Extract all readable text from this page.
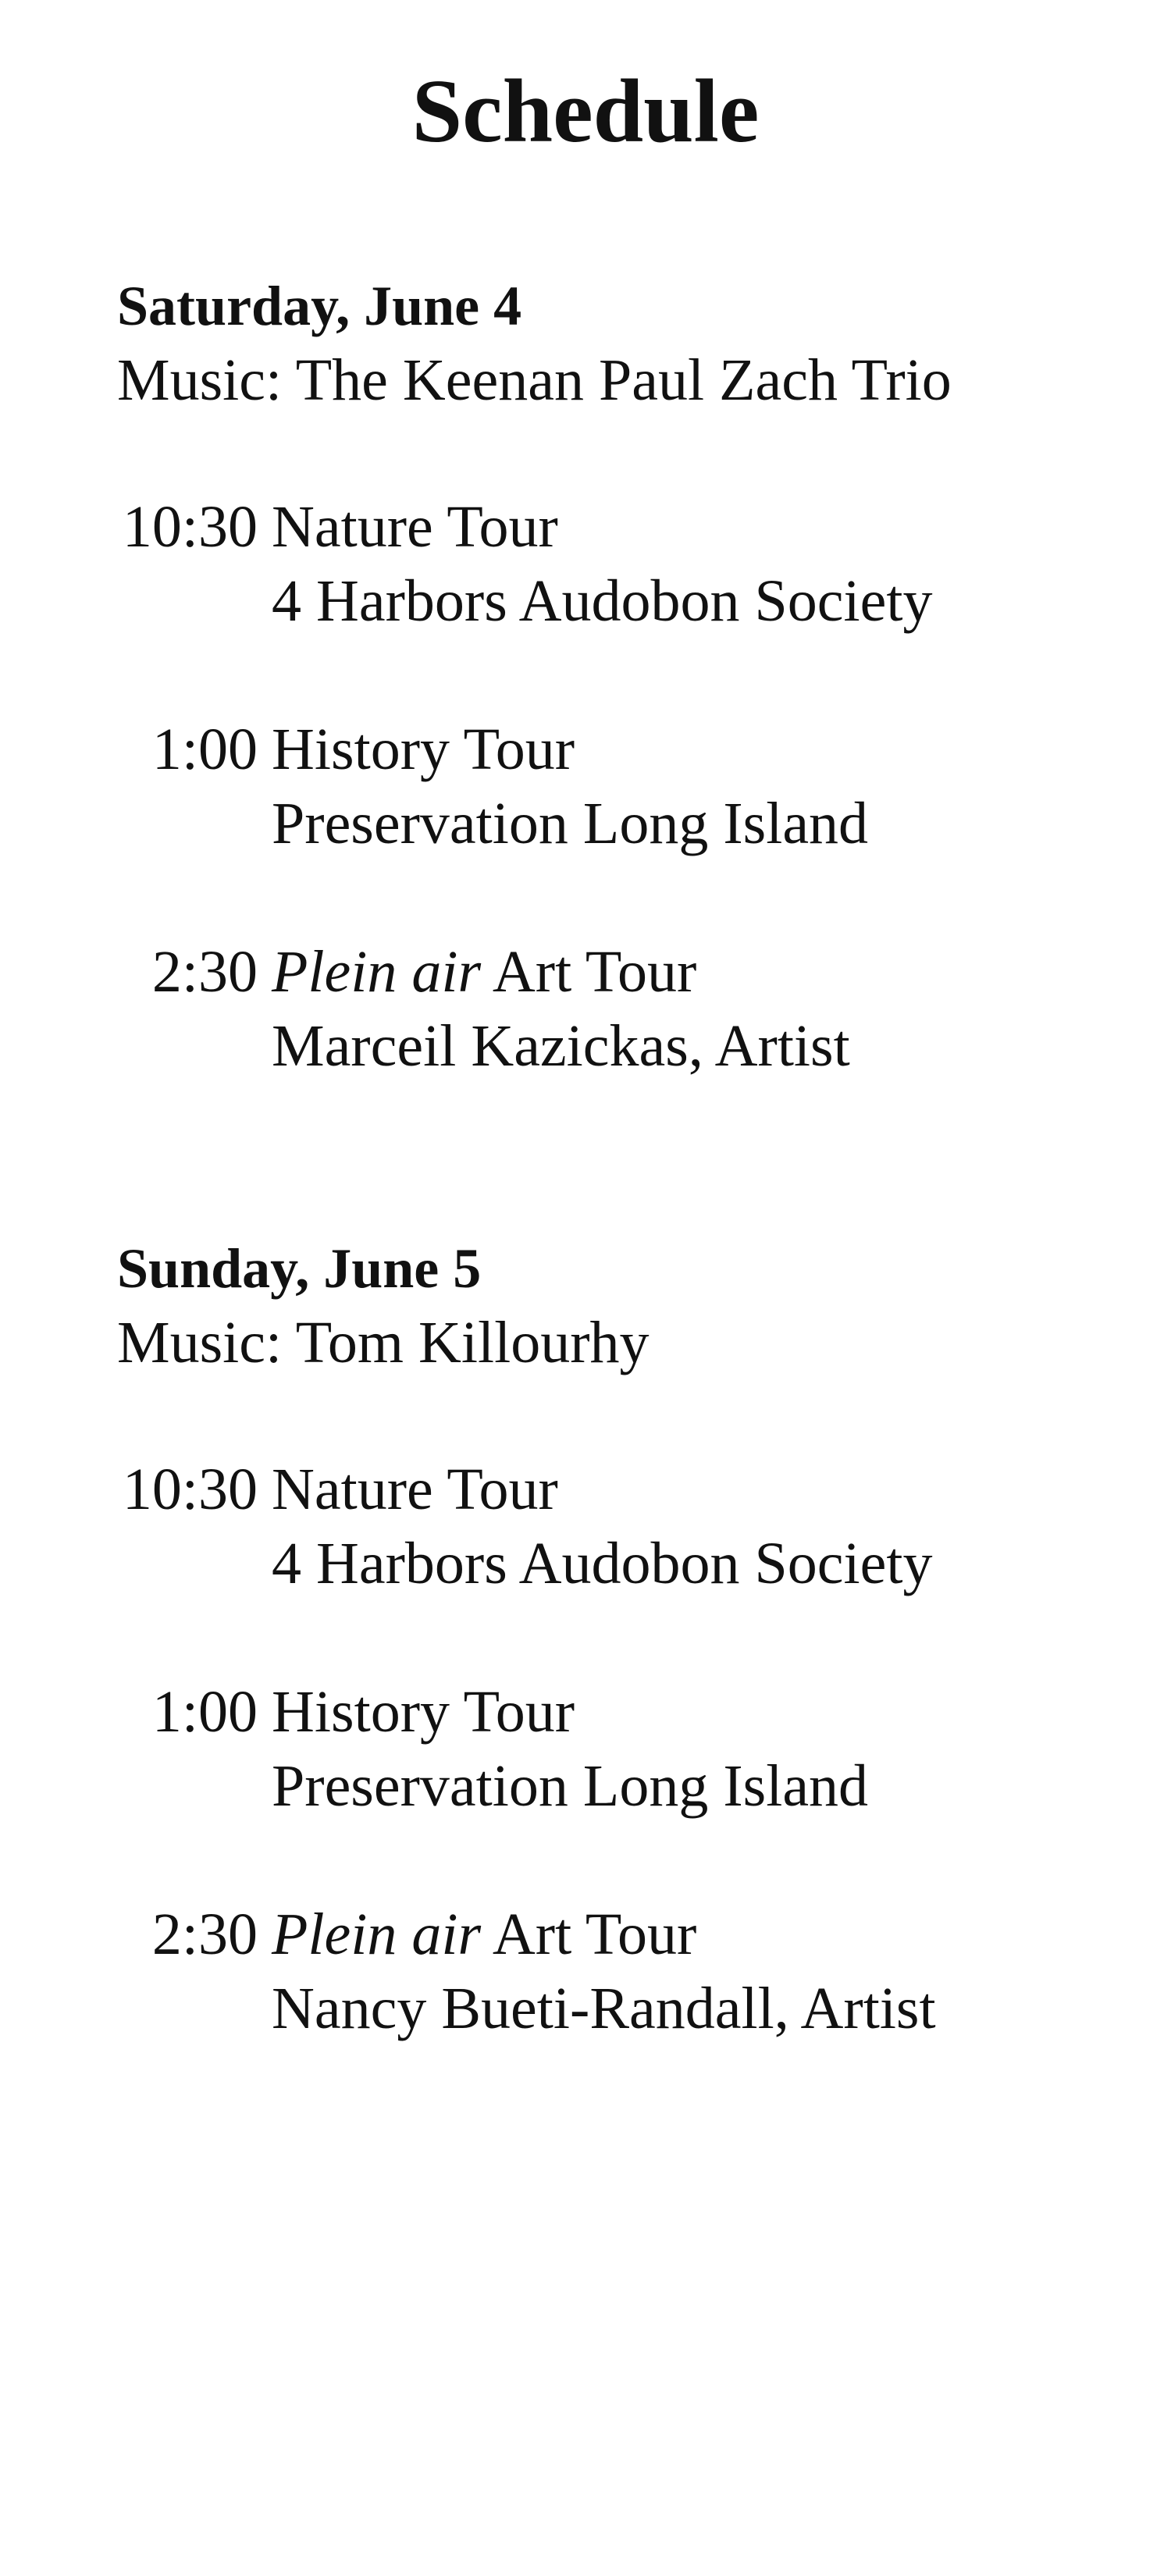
Schedule
Saturday, June 4
Music: The Keenan Paul Zach Trio
10:30 Nature Tour
4 Harbors Audobon Society
1:00 History Tour
Preservation Long Island
2:30 Plein air Art Tour
Marceil Kazickas, Artist
Sunday, June 5
Music: Tom Killourhy
10:30 Nature Tour
4 Harbors Audobon Society
1:00 History Tour
Preservation Long Island
2:30 Plein air Art Tour
Nancy Bueti-Randall, Artist
